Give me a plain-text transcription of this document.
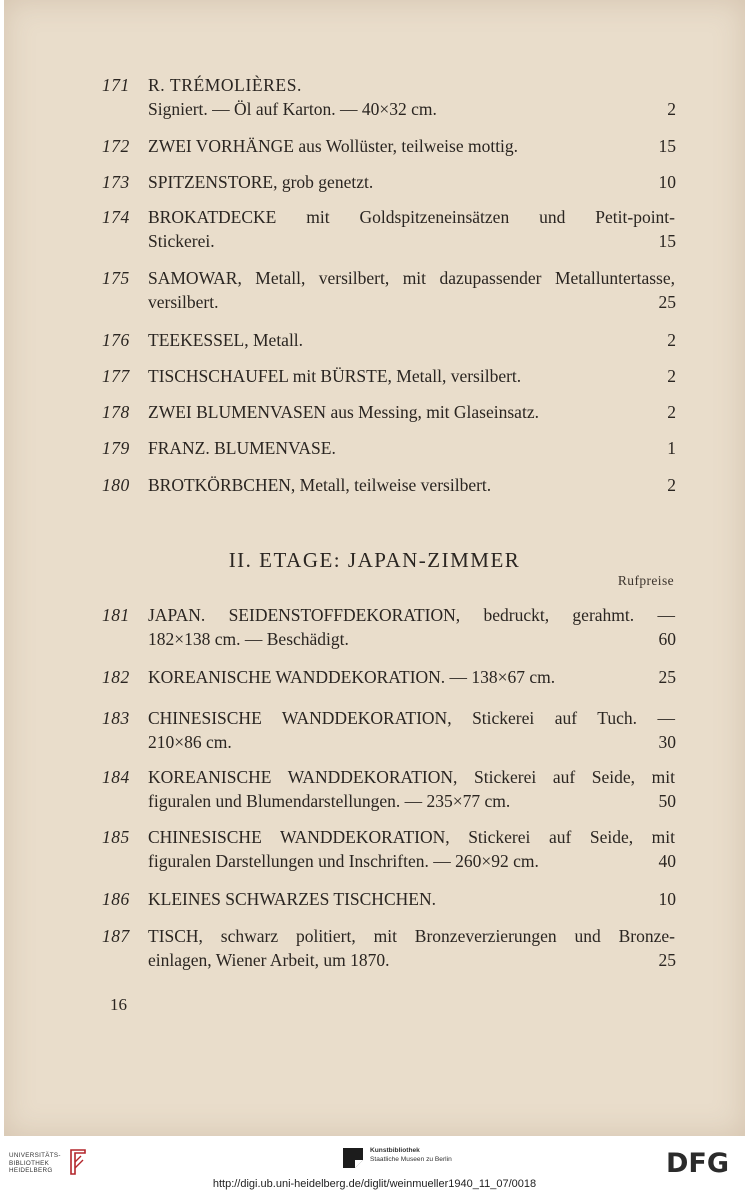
171	R. TRÉMOLIÈRES.
Signiert. — Öl auf Karton. — 40×32 cm.	2
172	ZWEI VORHÄNGE aus Wollüster, teilweise mottig.	15
173	SPITZENSTORE, grob genetzt.	10
174	BROKATDECKE mit Goldspitzeneinsätzen und Petit-point-
Stickerei.	15
175	SAMOWAR, Metall, versilbert, mit dazupassender Metalluntertasse,
versilbert.	25
176	TEEKESSEL, Metall.	2
177	TISCHSCHAUFEL mit BÜRSTE, Metall, versilbert.	2
178	ZWEI BLUMENVASEN aus Messing, mit Glaseinsatz.	2
179	FRANZ. BLUMENVASE.	1
180	BROTKÖRBCHEN, Metall, teilweise versilbert.	2
II. ETAGE: JAPAN-ZIMMER
Rufpreise
181	JAPAN. SEIDENSTOFFDEKORATION, bedruckt, gerahmt. —
182×138 cm. — Beschädigt.	60
182	KOREANISCHE WANDDEKORATION. — 138×67 cm.	25
183	CHINESISCHE WANDDEKORATION, Stickerei auf Tuch. —
210×86 cm.	30
184	KOREANISCHE WANDDEKORATION, Stickerei auf Seide, mit
figuralen und Blumendarstellungen. — 235×77 cm.	50
185	CHINESISCHE WANDDEKORATION, Stickerei auf Seide, mit
figuralen Darstellungen und Inschriften. — 260×92 cm.	40
186	KLEINES SCHWARZES TISCHCHEN.	10
187	TISCH, schwarz politiert, mit Bronzeverzierungen und Bronze-
einlagen, Wiener Arbeit, um 1870.	25
16
UNIVERSITÄTS-
BIBLIOTHEK
HEIDELBERG
Kunstbibliothek
Staatliche Museen zu Berlin	DFG
http://digi.ub.uni-heidelberg.de/diglit/weinmueller1940_11_07/0018
